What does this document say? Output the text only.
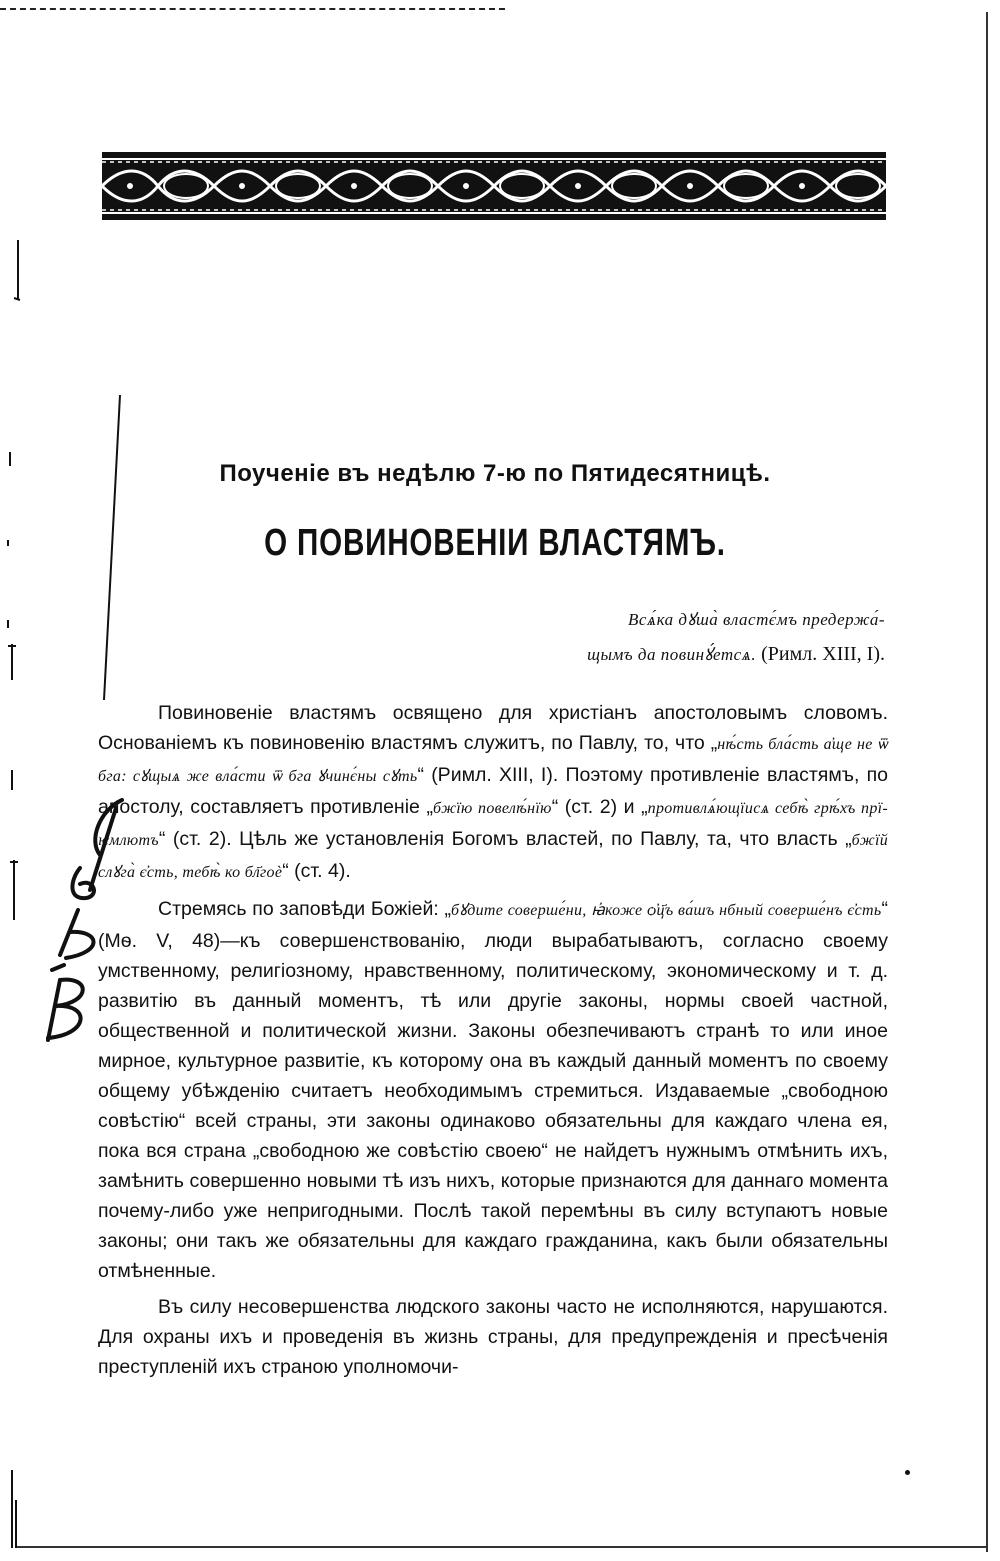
Поученіе въ недѣлю 7-ю по Пятидесятницѣ.
О ПОВИНОВЕНІИ ВЛАСТЯМЪ.
Всѧ́ка дꙋша̀ властє́мъ предержа́-
щымъ да повинꙋ́етсѧ. (Римл. XIII, I).

Повиновеніе властямъ освящено для христіанъ апостоловымъ словомъ. Основаніемъ къ повиновенію властямъ служитъ, по Павлу, то, что „нѣ́сть бла́сть а҆ще не ѿ бга: сꙋщыѧ же вла́сти ѿ бга ꙋчинє́ны сꙋть“ (Римл. XIII, I). Поэтому противленіе властямъ, по апостолу, составляетъ противленіе „бжїю повелѣ́нїю“ (ст. 2) и „противлѧ́ющїисѧ себѣ̀ грѣ́хъ прї-ѥмлютъ“ (ст. 2). Цѣль же установленія Богомъ властей, по Павлу, та, что власть „бжїй слꙋга̀ є҆сть, тебѣ̀ ко бл҃гоѐ“ (ст. 4).

Стремясь по заповѣди Божіей: „бꙋдите соверше́ни, ꙗ҆коже ѻ҆ц҃ъ ва́шъ нбный соверше́нъ є҆сть“ (Мѳ. V, 48)—къ совершенствованію, люди вырабатываютъ, согласно своему умственному, религіозному, нравственному, политическому, экономическому и т. д. развитію въ данный моментъ, тѣ или другіе законы, нормы своей частной, общественной и политической жизни. Законы обезпечиваютъ странѣ то или иное мирное, культурное развитіе, къ которому она въ каждый данный моментъ по своему общему убѣжденію считаетъ необходимымъ стремиться. Издаваемые „свободною совѣстію“ всей страны, эти законы одинаково обязательны для каждаго члена ея, пока вся страна „свободною же совѣстію своею“ не найдетъ нужнымъ отмѣнить ихъ, замѣнить совершенно новыми тѣ изъ нихъ, которые признаются для даннаго момента почему-либо уже непригодными. Послѣ такой перемѣны въ силу вступаютъ новые законы; они такъ же обязательны для каждаго гражданина, какъ были обязательны отмѣненные.

Въ силу несовершенства людского законы часто не исполняются, нарушаются. Для охраны ихъ и проведенія въ жизнь страны, для предупрежденія и пресѣченія преступленій ихъ страною уполномочи-
